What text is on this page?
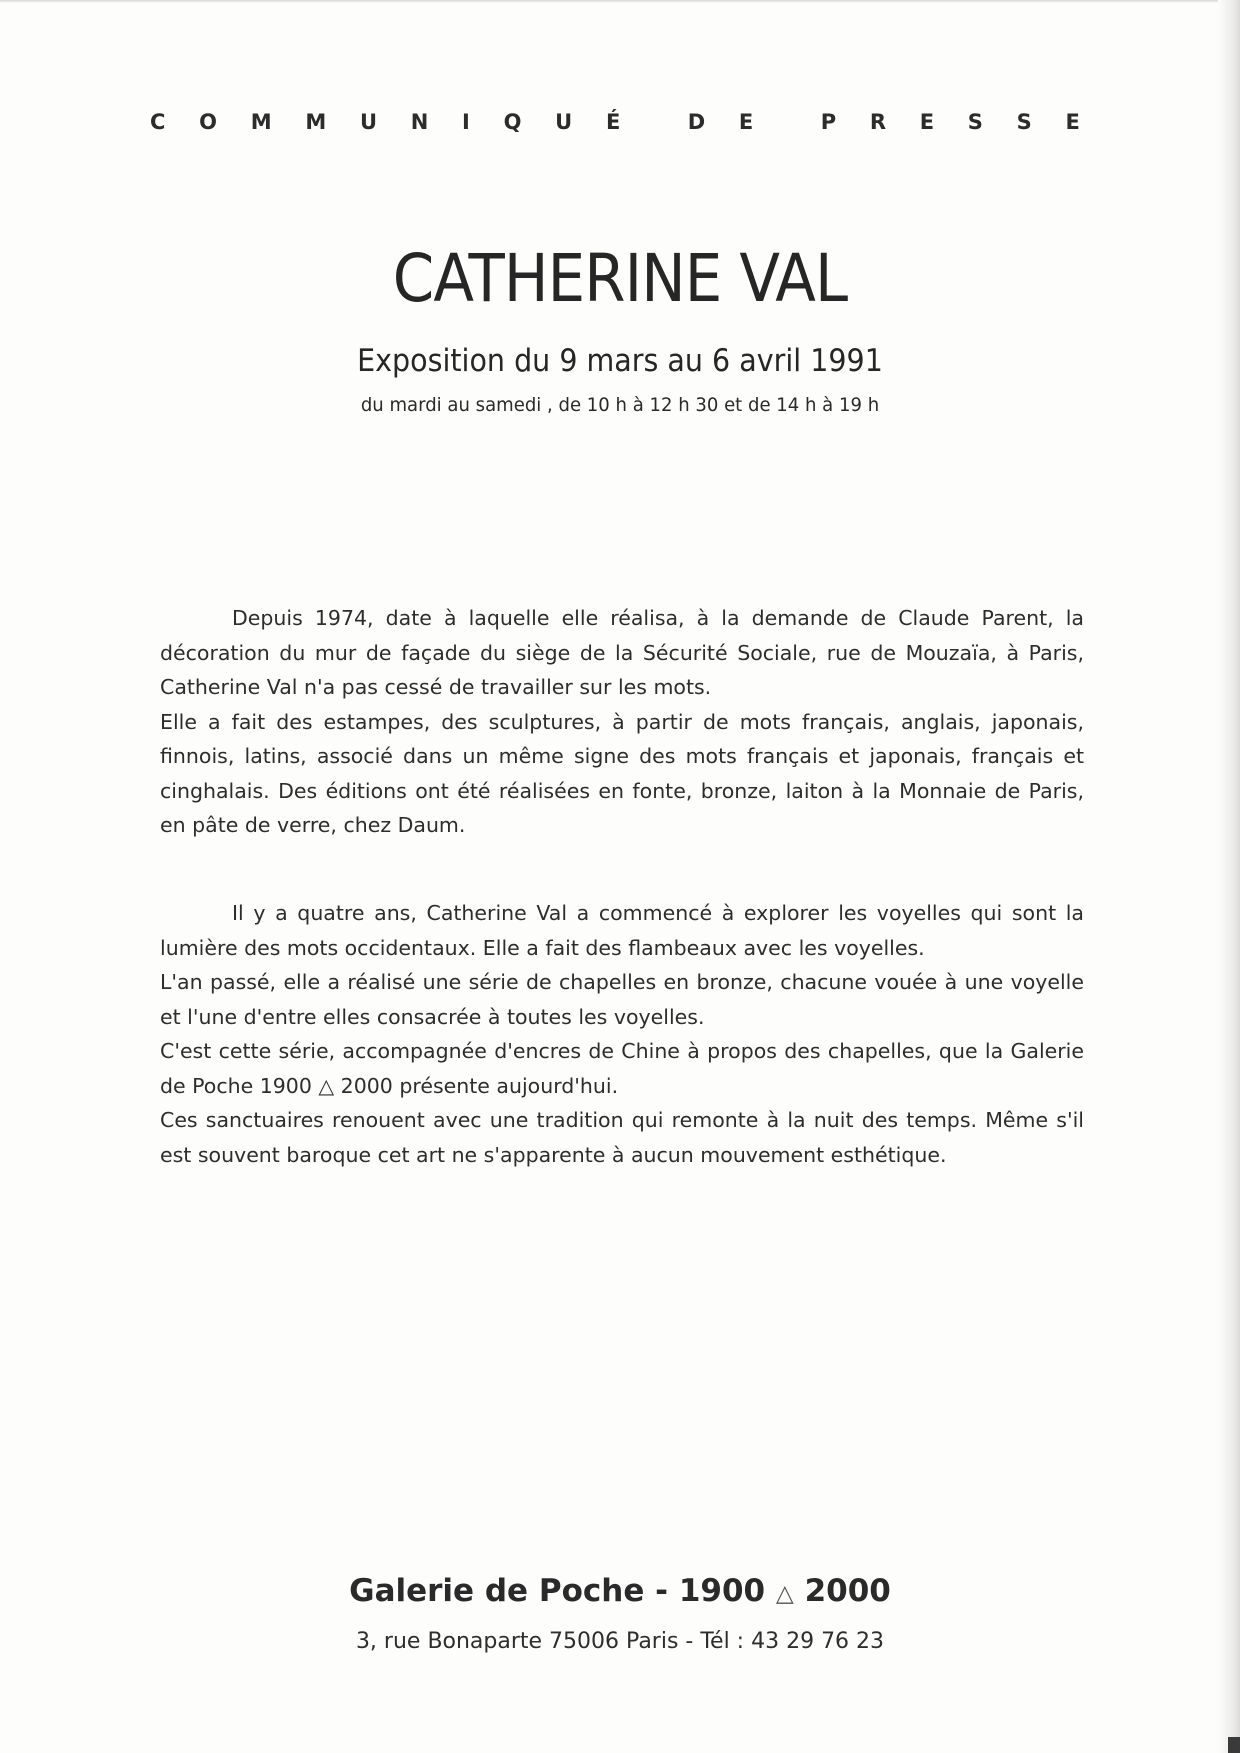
C O M M U N I Q U É	D E	P R E S S E
CATHERINE VAL
Exposition du 9 mars au 6 avril 1991
du mardi au samedi , de 10 h à 12 h 30 et de 14 h à 19 h

Depuis 1974, date à laquelle elle réalisa, à la demande de Claude Parent, la décoration du mur de façade du siège de la Sécurité Sociale, rue de Mouzaïa, à Paris, Catherine Val n'a pas cessé de travailler sur les mots.

Elle a fait des estampes, des sculptures, à partir de mots français, anglais, japonais, finnois, latins, associé dans un même signe des mots français et japonais, français et cinghalais. Des éditions ont été réalisées en fonte, bronze, laiton à la Monnaie de Paris, en pâte de verre, chez Daum.

Il y a quatre ans, Catherine Val a commencé à explorer les voyelles qui sont la lumière des mots occidentaux. Elle a fait des flambeaux avec les voyelles.

L'an passé, elle a réalisé une série de chapelles en bronze, chacune vouée à une voyelle et l'une d'entre elles consacrée à toutes les voyelles.

C'est cette série, accompagnée d'encres de Chine à propos des chapelles, que la Galerie de Poche 1900 △ 2000 présente aujourd'hui.

Ces sanctuaires renouent avec une tradition qui remonte à la nuit des temps. Même s'il est souvent baroque cet art ne s'apparente à aucun mouvement esthétique.

Galerie de Poche - 1900 △ 2000
3, rue Bonaparte 75006 Paris - Tél : 43 29 76 23
